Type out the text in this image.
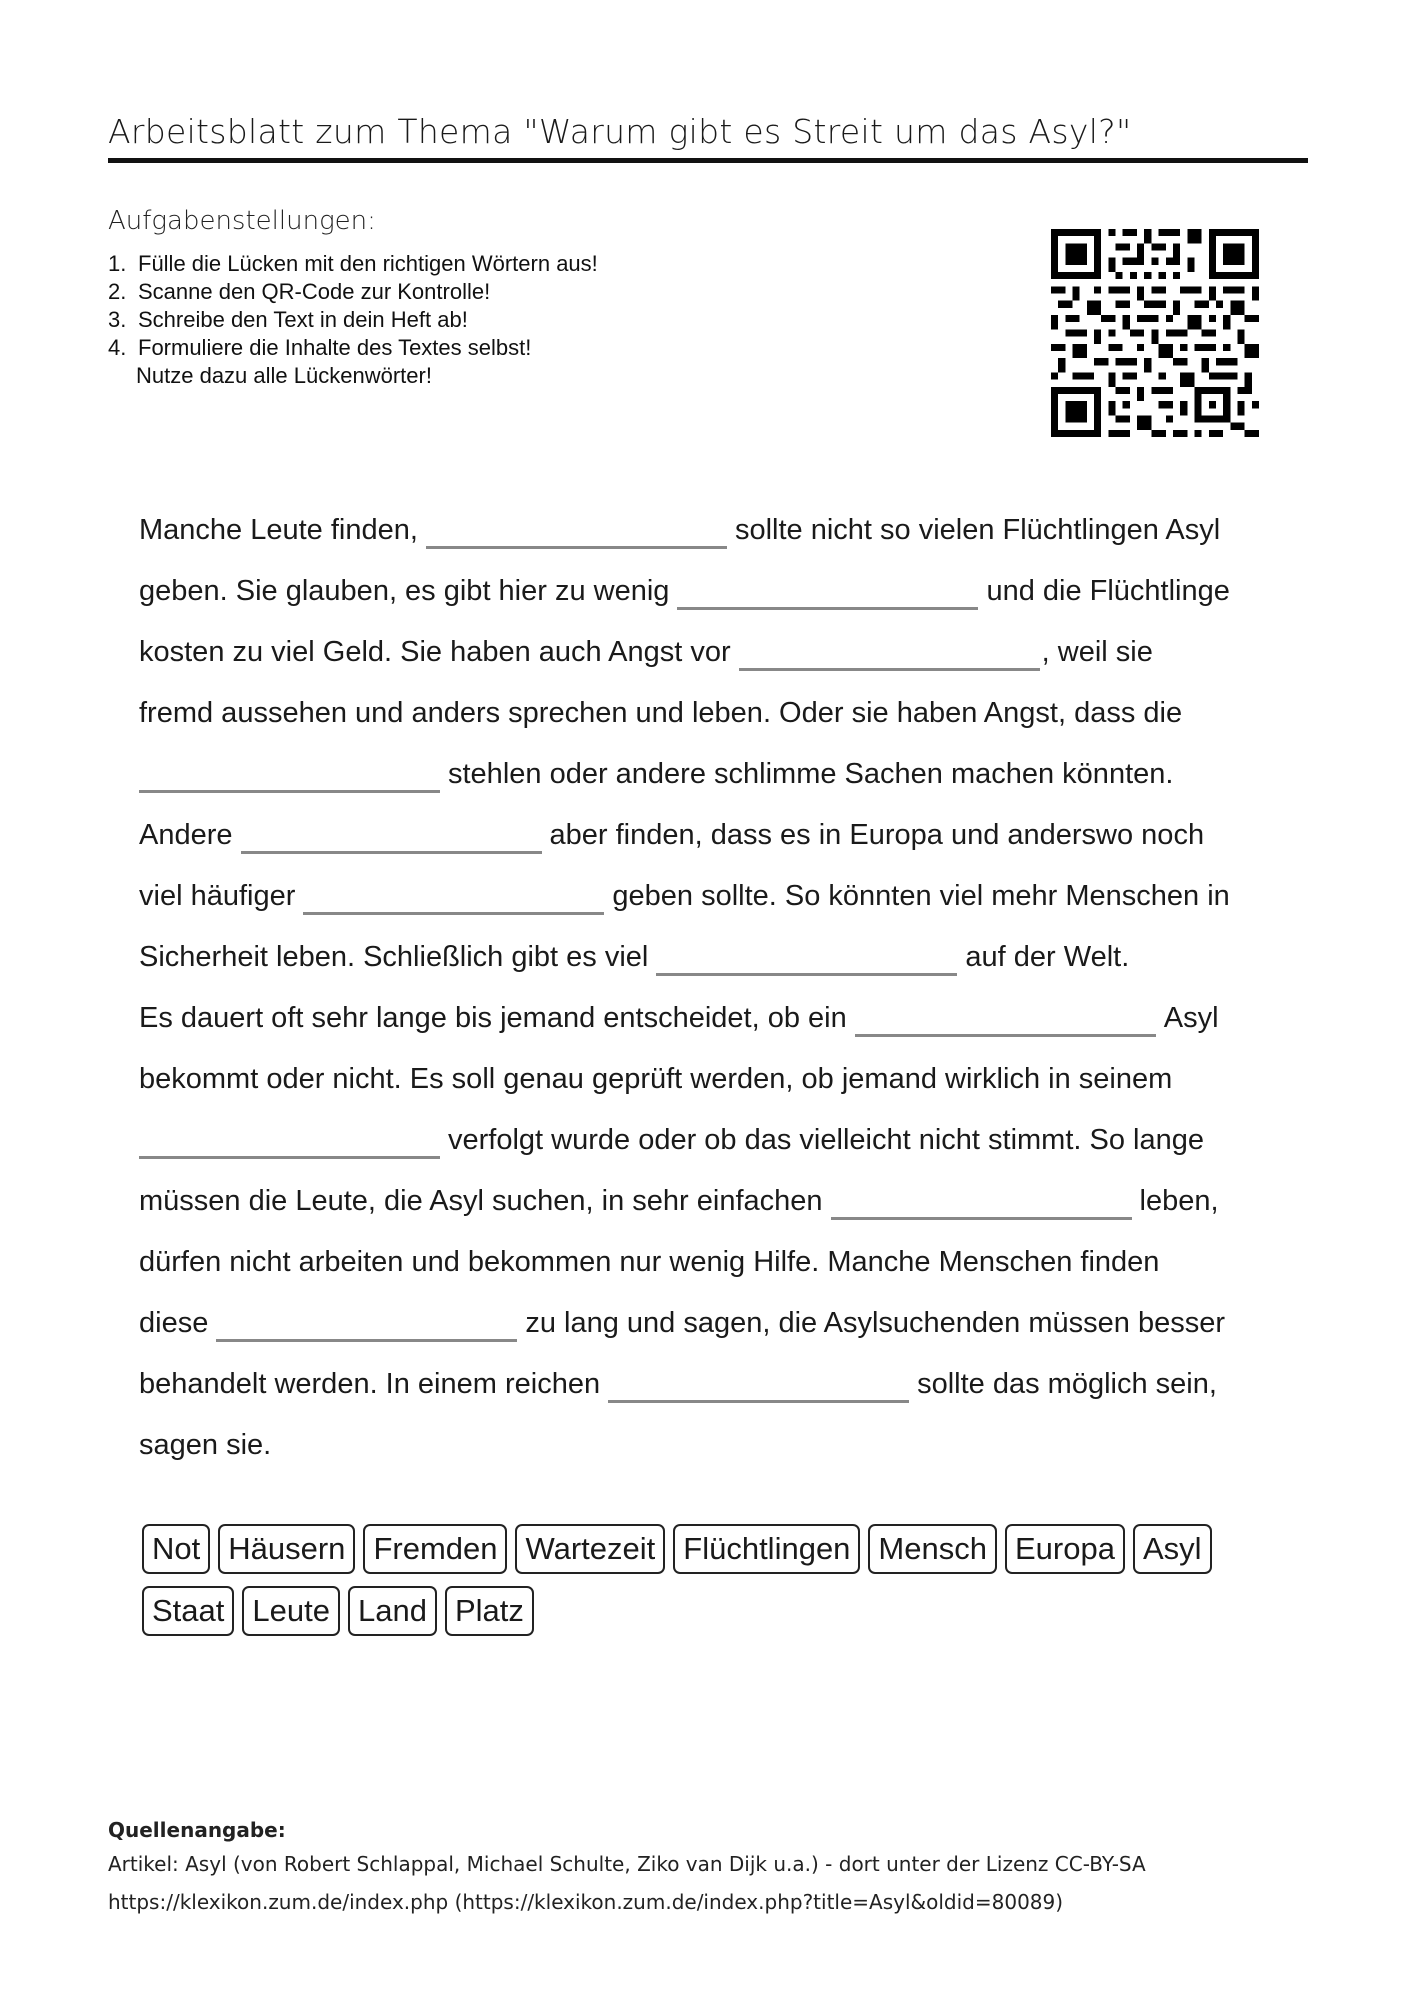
Arbeitsblatt zum Thema "Warum gibt es Streit um das Asyl?"
Aufgabenstellungen:
1. Fülle die Lücken mit den richtigen Wörtern aus!
2. Scanne den QR-Code zur Kontrolle!
3. Schreibe den Text in dein Heft ab!
4. Formuliere die Inhalte des Textes selbst!
Nutze dazu alle Lückenwörter!
Manche Leute finden,	sollte nicht so vielen Flüchtlingen Asyl
geben. Sie glauben, es gibt hier zu wenig	und die Flüchtlinge
kosten zu viel Geld. Sie haben auch Angst vor	, weil sie
fremd aussehen und anders sprechen und leben. Oder sie haben Angst, dass die
stehlen oder andere schlimme Sachen machen könnten.
Andere	aber finden, dass es in Europa und anderswo noch
viel häufiger	geben sollte. So könnten viel mehr Menschen in
Sicherheit leben. Schließlich gibt es viel	auf der Welt.
Es dauert oft sehr lange bis jemand entscheidet, ob ein	Asyl
bekommt oder nicht. Es soll genau geprüft werden, ob jemand wirklich in seinem
verfolgt wurde oder ob das vielleicht nicht stimmt. So lange
müssen die Leute, die Asyl suchen, in sehr einfachen	leben,
dürfen nicht arbeiten und bekommen nur wenig Hilfe. Manche Menschen finden
diese	zu lang und sagen, die Asylsuchenden müssen besser
behandelt werden. In einem reichen	sollte das möglich sein,
sagen sie.
Not Häusern Fremden Wartezeit Flüchtlingen Mensch Europa Asyl
Staat Leute Land Platz
Quellenangabe:
Artikel: Asyl (von Robert Schlappal, Michael Schulte, Ziko van Dijk u.a.) - dort unter der Lizenz CC-BY-SA
https://klexikon.zum.de/index.php (https://klexikon.zum.de/index.php?title=Asyl&oldid=80089)
